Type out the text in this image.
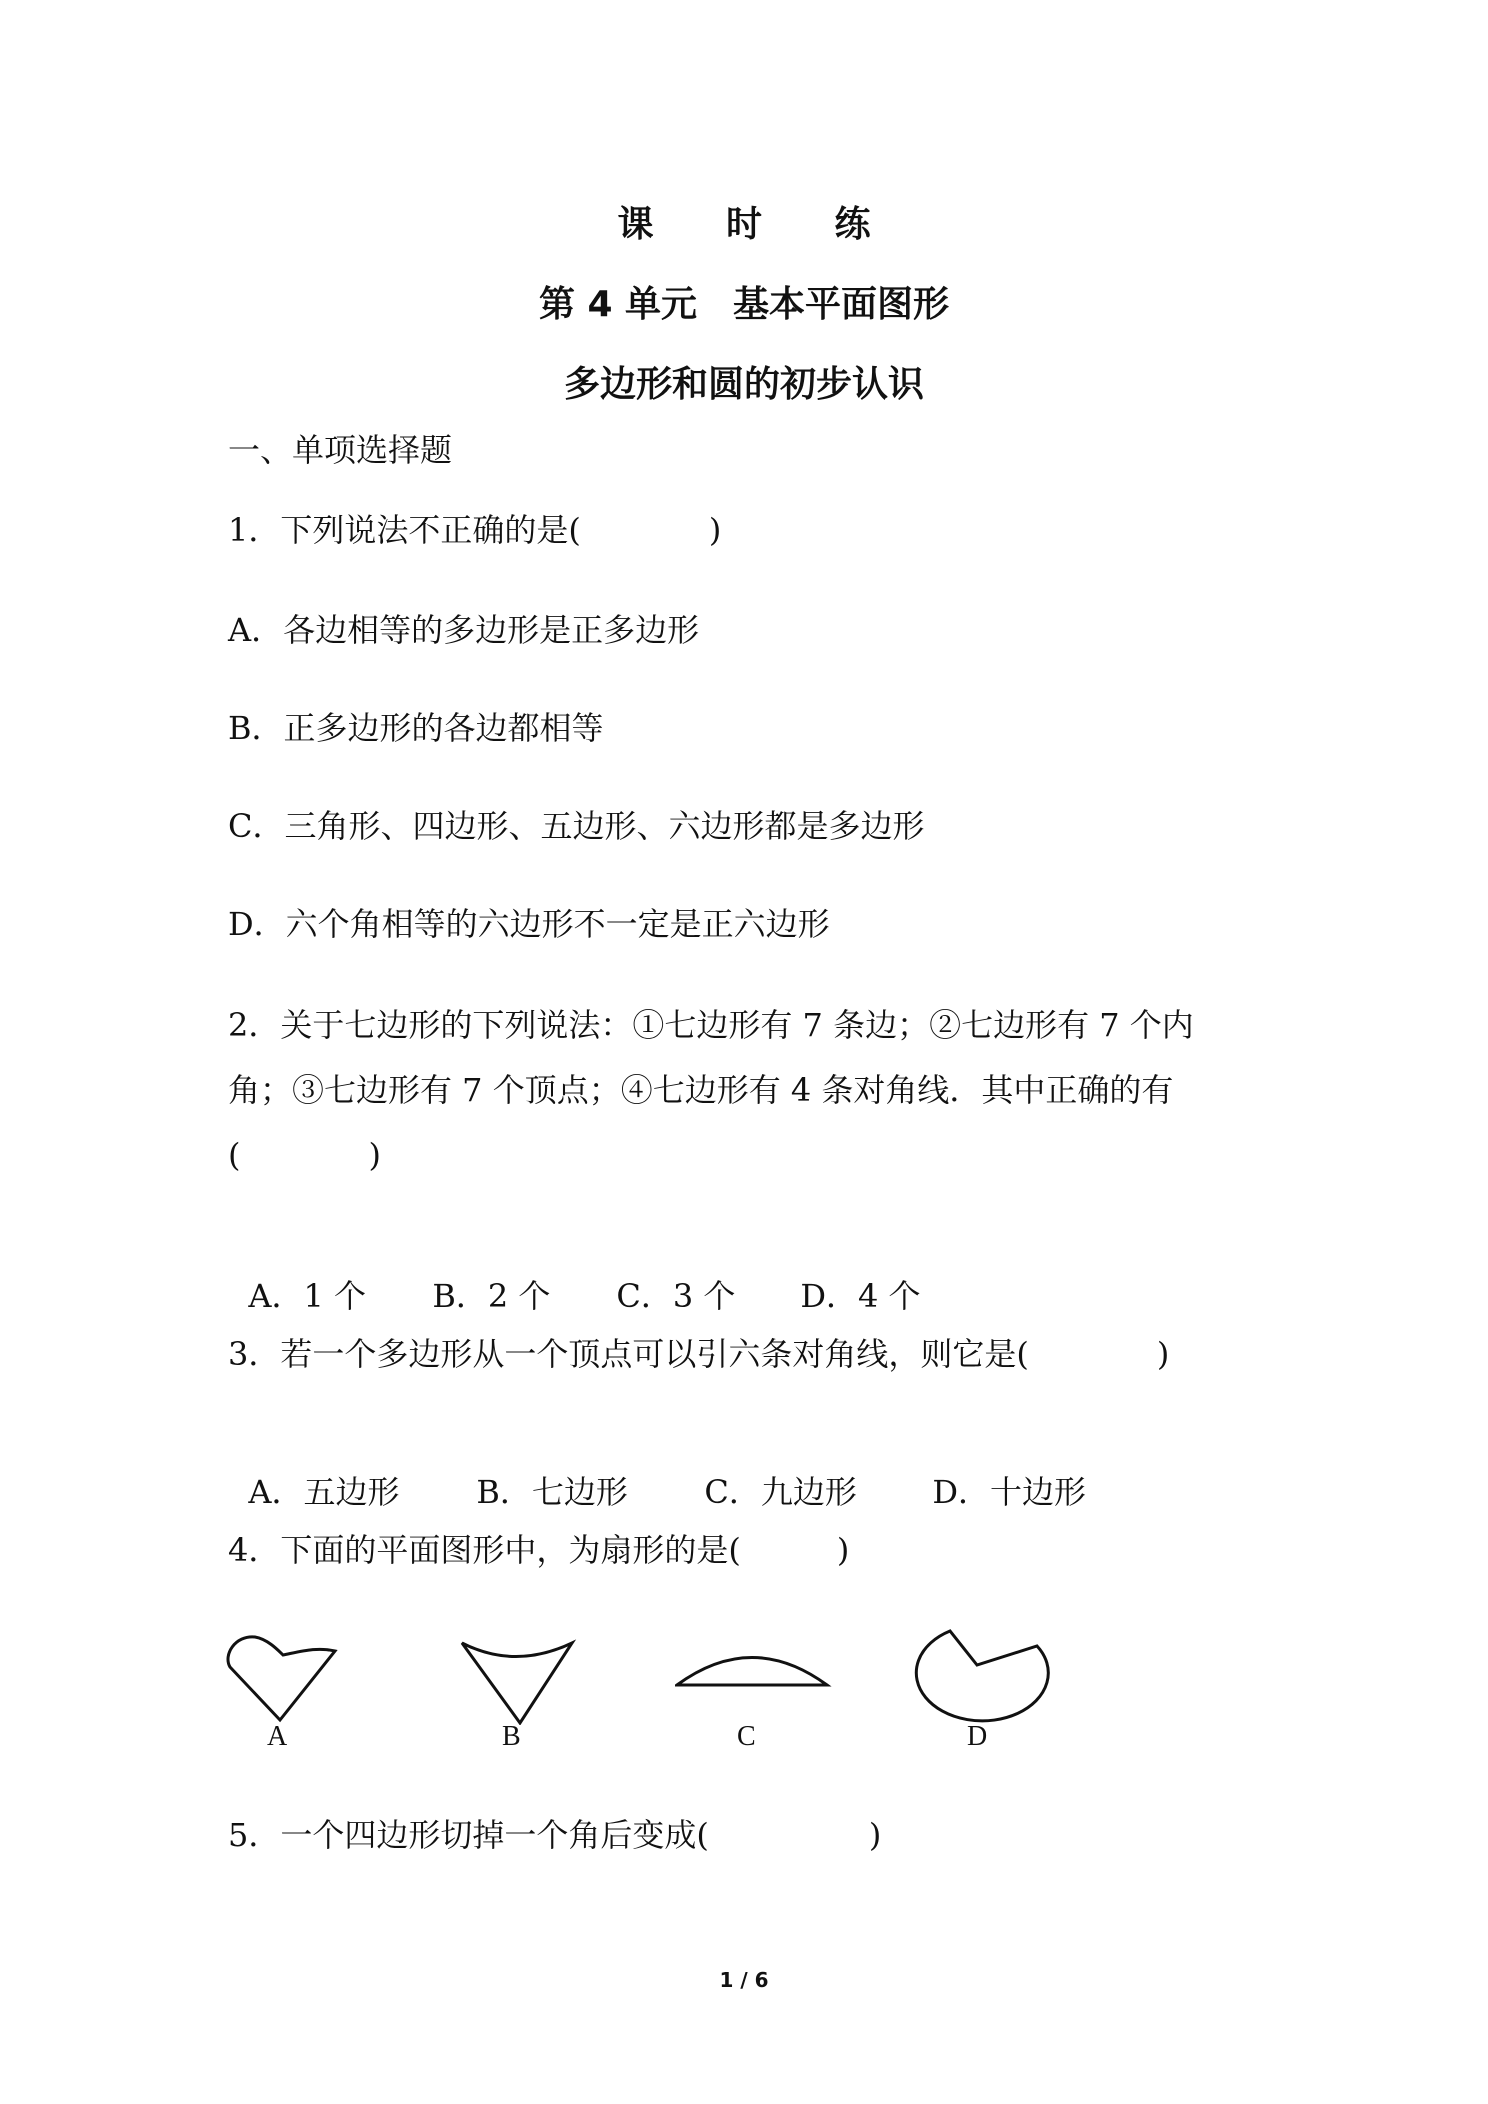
课 时 练
第 4 单元　基本平面图形
多边形和圆的初步认识
一、单项选择题
1．下列说法不正确的是(　　　　)
A．各边相等的多边形是正多边形
B．正多边形的各边都相等
C．三角形、四边形、五边形、六边形都是多边形
D．六个角相等的六边形不一定是正六边形
2．关于七边形的下列说法：①七边形有 7 条边；②七边形有 7 个内
角；③七边形有 7 个顶点；④七边形有 4 条对角线．其中正确的有
(　　　　)

A．1 个 B．2 个 C．3 个 D．4 个

3．若一个多边形从一个顶点可以引六条对角线，则它是(　　　　)

A．五边形 B．七边形 C．九边形 D．十边形

4．下面的平面图形中，为扇形的是(　　　)
A	B	C	D
5．一个四边形切掉一个角后变成(　　　　　)
1 / 6
